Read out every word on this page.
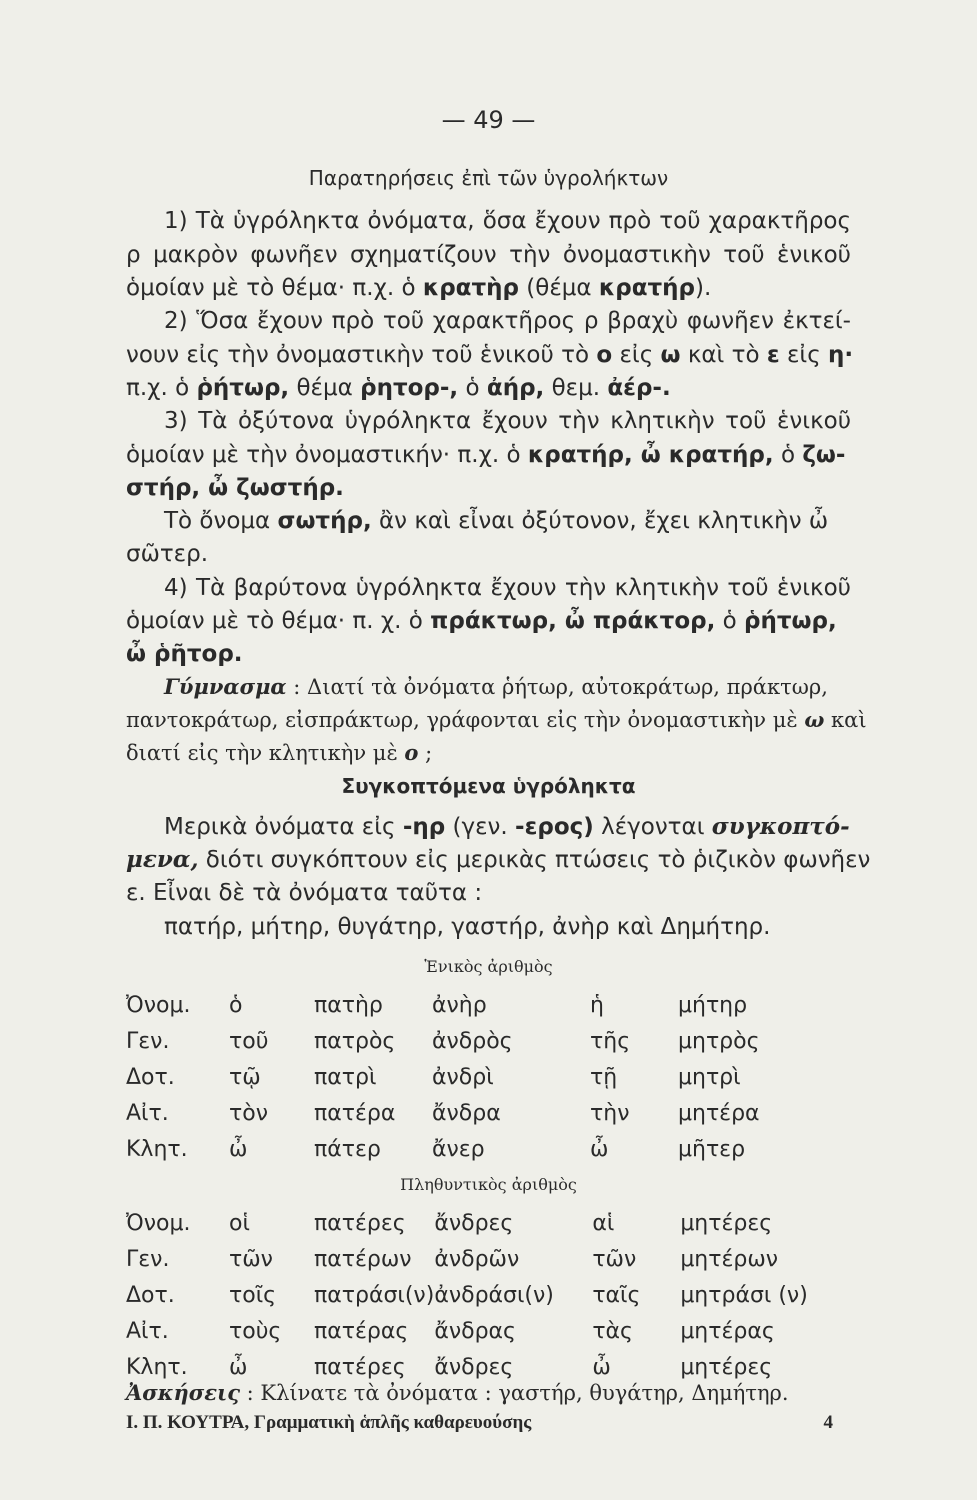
— 49 —
Παρατηρήσεις ἐπὶ τῶν ὑγρολήκτων
1) Τὰ ὑγρόληκτα ὀνόματα, ὅσα ἔχουν πρὸ τοῦ χαρακτῆρος
ρ μακρὸν φωνῆεν σχηματίζουν τὴν ὀνομαστικὴν τοῦ ἑνικοῦ
ὁμοίαν μὲ τὸ θέμα· π.χ. ὁ κρατὴρ (θέμα κρατήρ).
2) Ὅσα ἔχουν πρὸ τοῦ χαρακτῆρος ρ βραχὺ φωνῆεν ἐκτεί-
νουν εἰς τὴν ὀνομαστικὴν τοῦ ἑνικοῦ τὸ ο εἰς ω καὶ τὸ ε εἰς η·
π.χ. ὁ ῥήτωρ, θέμα ῥητορ-, ὁ ἀήρ, θεμ. ἀέρ-.
3) Τὰ ὀξύτονα ὑγρόληκτα ἔχουν τὴν κλητικὴν τοῦ ἑνικοῦ
ὁμοίαν μὲ τὴν ὀνομαστικήν· π.χ. ὁ κρατήρ, ὦ κρατήρ, ὁ ζω-
στήρ, ὦ ζωστήρ.
Τὸ ὄνομα σωτήρ, ἂν καὶ εἶναι ὀξύτονον, ἔχει κλητικὴν ὦ
σῶτερ.
4) Τὰ βαρύτονα ὑγρόληκτα ἔχουν τὴν κλητικὴν τοῦ ἑνικοῦ
ὁμοίαν μὲ τὸ θέμα· π. χ. ὁ πράκτωρ, ὦ πράκτορ, ὁ ῥήτωρ,
ὦ ῥῆτορ.
Γύμνασμα : Διατί τὰ ὀνόματα ῥήτωρ, αὐτοκράτωρ, πράκτωρ,
παντοκράτωρ, εἰσπράκτωρ, γράφονται εἰς τὴν ὀνομαστικὴν μὲ ω καὶ
διατί εἰς τὴν κλητικὴν μὲ ο ;
Συγκοπτόμενα ὑγρόληκτα
Μερικὰ ὀνόματα εἰς -ηρ (γεν. -ερος) λέγονται συγκοπτό-
μενα, διότι συγκόπτουν εἰς μερικὰς πτώσεις τὸ ῥιζικὸν φωνῆεν
ε. Εἶναι δὲ τὰ ὀνόματα ταῦτα :
πατήρ, μήτηρ, θυγάτηρ, γαστήρ, ἀνὴρ καὶ Δημήτηρ.
Ἑνικὸς ἀριθμὸς
Ὀνομ.	ὁ	πατὴρ	ἀνὴρ	ἡ	μήτηρ
Γεν.	τοῦ	πατρὸς	ἀνδρὸς	τῆς	μητρὸς
Δοτ.	τῷ	πατρὶ	ἀνδρὶ	τῇ	μητρὶ
Αἰτ.	τὸν	πατέρα	ἄνδρα	τὴν	μητέρα
Κλητ.	ὦ	πάτερ	ἄνερ	ὦ	μῆτερ
Πληθυντικὸς ἀριθμὸς
Ὀνομ.	οἱ	πατέρες	ἄνδρες	αἱ	μητέρες
Γεν.	τῶν	πατέρων	ἀνδρῶν	τῶν	μητέρων
Δοτ.	τοῖς	πατράσι(ν)	ἀνδράσι(ν)	ταῖς	μητράσι (ν)
Αἰτ.	τοὺς	πατέρας	ἄνδρας	τὰς	μητέρας
Κλητ.	ὦ	πατέρες	ἄνδρες	ὦ	μητέρες
Ἀσκήσεις : Κλίνατε τὰ ὀνόματα : γαστήρ, θυγάτηρ, Δημήτηρ.
Ι. Π. ΚΟΥΤΡΑ, Γραμματικὴ ἁπλῆς καθαρευούσης	4
